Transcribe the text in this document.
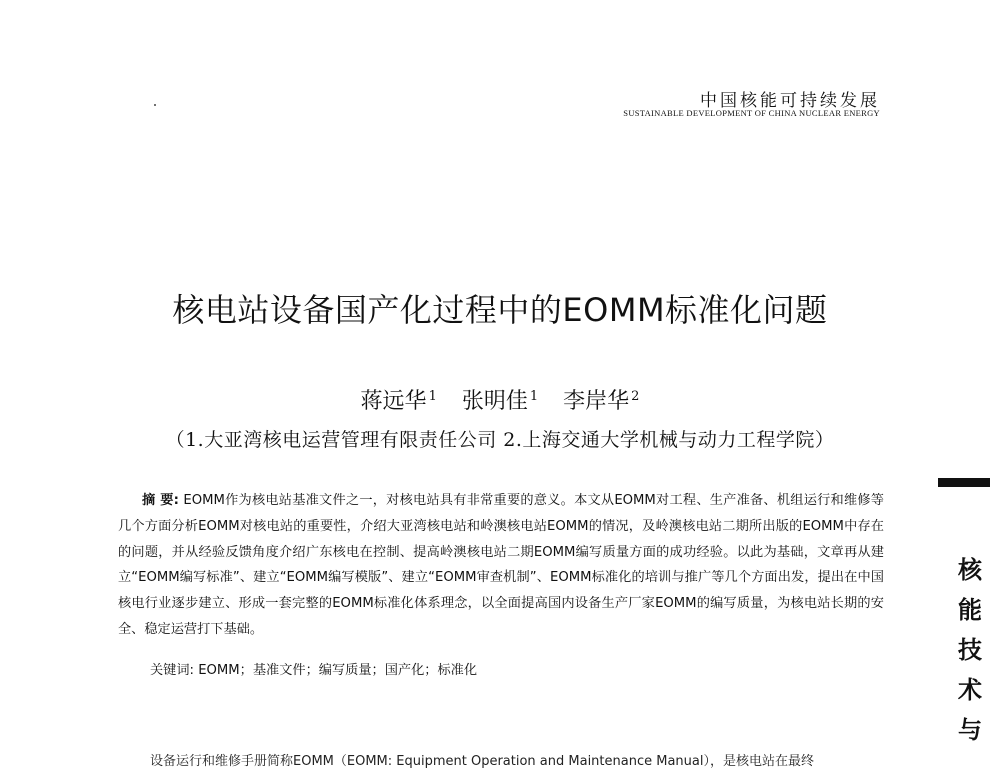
中国核能可持续发展
SUSTAINABLE DEVELOPMENT OF CHINA NUCLEAR ENERGY
核电站设备国产化过程中的EOMM标准化问题
蒋远华 $^1$ 张明佳 $^1$ 李岸华 $^2$
（1.大亚湾核电运营管理有限责任公司 2.上海交通大学机械与动力工程学院）
摘 要: EOMM作为核电站基准文件之一，对核电站具有非常重要的意义。本文从EOMM对工程、生产准备、机组运行和维修等几个方面分析EOMM对核电站的重要性，介绍大亚湾核电站和岭澳核电站EOMM的情况，及岭澳核电站二期所出版的EOMM中存在的问题，并从经验反馈角度介绍广东核电在控制、提高岭澳核电站二期EOMM编写质量方面的成功经验。以此为基础，文章再从建立“EOMM编写标准”、建立“EOMM编写模版”、建立“EOMM审查机制”、EOMM标准化的培训与推广等几个方面出发，提出在中国核电行业逐步建立、形成一套完整的EOMM标准化体系理念，以全面提高国内设备生产厂家EOMM的编写质量，为核电站长期的安全、稳定运营打下基础。
关键词: EOMM；基准文件；编写质量；国产化；标准化
设备运行和维修手册简称EOMM（EOMM: Equipment Operation and Maintenance Manual），是核电站在最终
核
能
技
术
与
